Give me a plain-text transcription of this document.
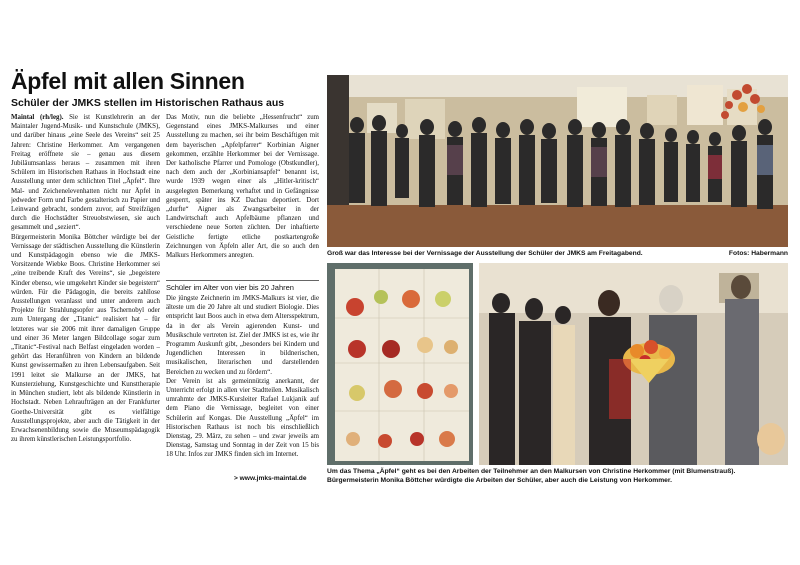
Äpfel mit allen Sinnen
Schüler der JMKS stellen im Historischen Rathaus aus

Maintal (rh/leg). Sie ist Kunstlehrerin an der Maintaler Jugend-Musik- und Kunstschule (JMKS), und darüber hinaus „eine Seele des Vereins“ seit 25 Jahren: Christine Herkommer. Am vergangenen Freitag eröffnete sie – genau aus diesem Jubiläumsanlass heraus – zusammen mit ihren Schülern im Historischen Rathaus in Hochstadt eine Ausstellung unter dem schlichten Titel „Äpfel“. Ihre Mal- und Zeichenelevenhatten nicht nur Äpfel in jedweder Form und Farbe gestalterisch zu Papier und Leinwand gebracht, sondern zuvor, auf Streifzügen durch die Hochstädter Streuobstwiesen, sie auch gesammelt und „seziert“.

Bürgermeisterin Monika Böttcher würdigte bei der Vernissage der städtischen Ausstellung die Künstlerin und Kunstpädagogin ebenso wie die JMKS-Vorsitzende Wiebke Boos. Christine Herkommer sei „eine treibende Kraft des Vereins“, sie „begeistere Kinder ebenso, wie umgekehrt Kinder sie begeistern“ würden. Für die Pädagogin, die bereits zahllose Ausstellungen veranlasst und unter anderem auch Projekte für Strahlungsopfer aus Tschernobyl oder zum Untergang der „Titanic“ realisiert hat – für letzteres war sie 2006 mit ihrer damaligen Gruppe und einer 36 Meter langen Bildcollage sogar zum „Titanic“-Festival nach Belfast eingeladen worden – gehört das Heranführen von Kindern an bildende Kunst gewissermaßen zu ihren Lebensaufgaben. Seit 1991 leitet sie Malkurse an der JMKS, hat Kunsterziehung, Kunstgeschichte und Kunsttherapie in München studiert, lebt als bildende Künstlerin in Hochstadt. Neben Lehraufträgen an der Frankfurter Goethe-Universität gibt es vielfältige Ausstellungsprojekte, aber auch die Tätigkeit in der Erwachsenenbildung sowie die Museumspädagogik zu ihrem künstlerischen Leistungsportfolio.

Das Motiv, nun die beliebte „Hessenfrucht“ zum Gegenstand eines JMKS-Malkurses und einer Ausstellung zu machen, sei ihr beim Beschäftigen mit dem bayerischen „Apfelpfarrer“ Korbinian Aigner gekommen, erzählte Herkommer bei der Vernissage. Der katholische Pfarrer und Pomologe (Obstkundler), nach dem auch der „Korbiniansapfel“ benannt ist, wurde 1939 wegen einer als „Hitler-kritisch“ ausgelegten Bemerkung verhaftet und in Gefängnisse gesperrt, später ins KZ Dachau deportiert. Dort „durfte“ Aigner als Zwangsarbeiter in der Landwirtschaft auch Apfelbäume pflanzen und verschiedene neue Sorten züchten. Der inhaftierte Geistliche fertigte etliche postkartengroße Zeichnungen von Äpfeln aller Art, die so auch den Malkurs Herkommers anregten.

Schüler im Alter von vier bis 20 Jahren

Die jüngste Zeichnerin im JMKS-Malkurs ist vier, die älteste um die 20 Jahre alt und studiert Biologie. Dies entspricht laut Boos auch in etwa dem Altersspektrum, da in der als Verein agierenden Kunst- und Musikschule vertreten ist. Ziel der JMKS ist es, wie ihr Programm Auskunft gibt, „besonders bei Kindern und Jugendlichen Interessen in bildnerischen, musikalischen, literarischen und darstellenden Bereichen zu wecken und zu fördern“.

Der Verein ist als gemeinnützig anerkannt, der Unterricht erfolgt in allen vier Stadtteilen. Musikalisch umrahmte der JMKS-Kursleiter Rafael Lukjanik auf dem Piano die Vernissage, begleitet von einer Schülerin auf Kongas. Die Ausstellung „Äpfel“ im Historischen Rathaus ist noch bis einschließlich Dienstag, 29. März, zu sehen – und zwar jeweils am Dienstag, Samstag und Sonntag in der Zeit von 15 bis 18 Uhr. Infos zur JMKS finden sich im Internet.

> www.jmks-maintal.de
Groß war das Interesse bei der Vernissage der Ausstellung der Schüler der JMKS am Freitagabend.	Fotos: Habermann
Um das Thema „Äpfel“ geht es bei den Arbeiten der Teilnehmer an den Malkursen von Christine Herkommer (mit Blumenstrauß). Bürgermeisterin Monika Böttcher würdigte die Arbeiten der Schüler, aber auch die Leistung von Herkommer.
